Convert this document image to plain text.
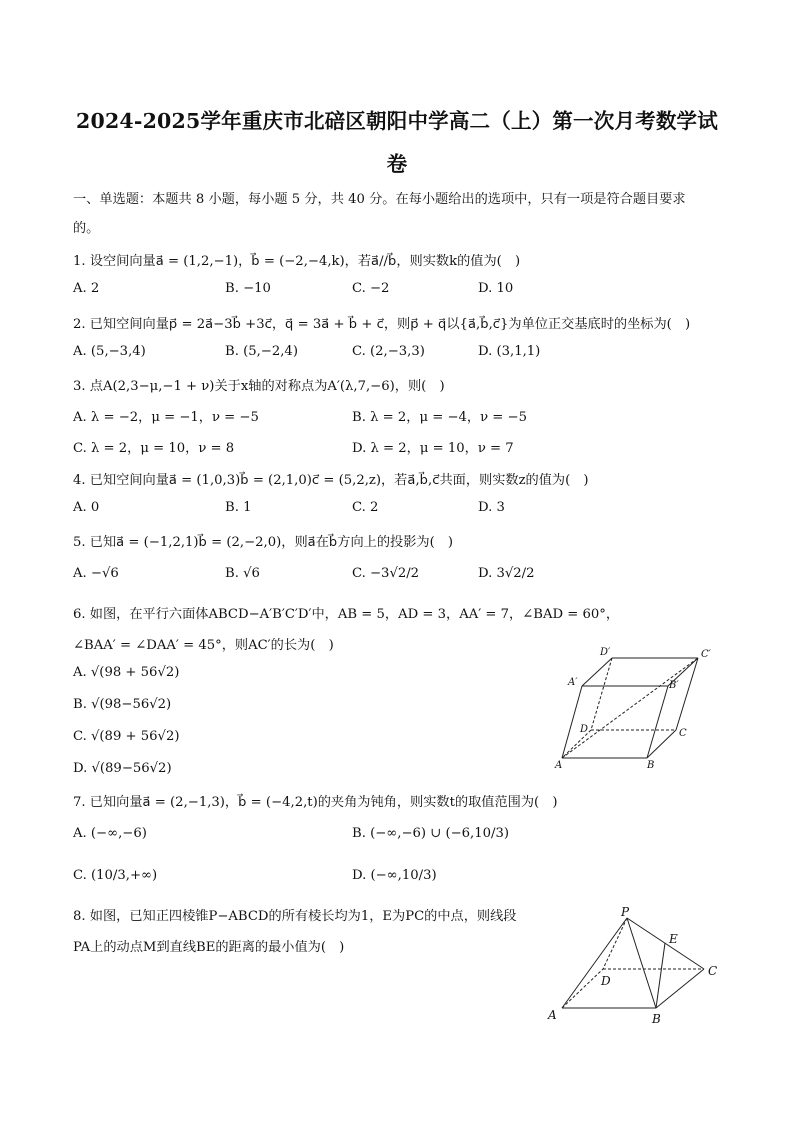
2024-2025学年重庆市北碚区朝阳中学高二（上）第一次月考数学试
卷
一、单选题：本题共 8 小题，每小题 5 分，共 40 分。在每小题给出的选项中，只有一项是符合题目要求
的。
1. 设空间向量a⃗ = (1,2,−1)，b⃗ = (−2,−4,k)，若a⃗//b⃗，则实数k的值为(　)
A. 2	B. −10	C. −2	D. 10
2. 已知空间向量p⃗ = 2a⃗−3b⃗ +3c⃗，q⃗ = 3a⃗ + b⃗ + c⃗，则p⃗ + q⃗以{a⃗,b⃗,c⃗}为单位正交基底时的坐标为(　)
A. (5,−3,4)	B. (5,−2,4)	C. (2,−3,3)	D. (3,1,1)
3. 点A(2,3−μ,−1 + ν)关于x轴的对称点为A′(λ,7,−6)，则(　)
A. λ = −2，μ = −1，ν = −5	B. λ = 2，μ = −4，ν = −5
C. λ = 2，μ = 10，ν = 8	D. λ = 2，μ = 10，ν = 7
4. 已知空间向量a⃗ = (1,0,3)b⃗ = (2,1,0)c⃗ = (5,2,z)，若a⃗,b⃗,c⃗共面，则实数z的值为(　)
A. 0	B. 1	C. 2	D. 3
5. 已知a⃗ = (−1,2,1)b⃗ = (2,−2,0)，则a⃗在b⃗方向上的投影为(　)
A. −√6	B. √6	C. −3√2/2	D. 3√2/2
6. 如图，在平行六面体ABCD−A′B′C′D′中，AB = 5，AD = 3，AA′ = 7，∠BAD = 60°，
∠BAA′ = ∠DAA′ = 45°，则AC′的长为(　)
A. √(98 + 56√2)
B. √(98−56√2)
C. √(89 + 56√2)
D. √(89−56√2)
D′	C′
A′	B′
D	C
A	B
7. 已知向量a⃗ = (2,−1,3)，b⃗ = (−4,2,t)的夹角为钝角，则实数t的取值范围为(　)
A. (−∞,−6)	B. (−∞,−6) ∪ (−6,10/3)
C. (10/3,+∞)	D. (−∞,10/3)
8. 如图，已知正四棱锥P−ABCD的所有棱长均为1，E为PC的中点，则线段
PA上的动点M到直线BE的距离的最小值为(　)
P
E
D
C
A	B
